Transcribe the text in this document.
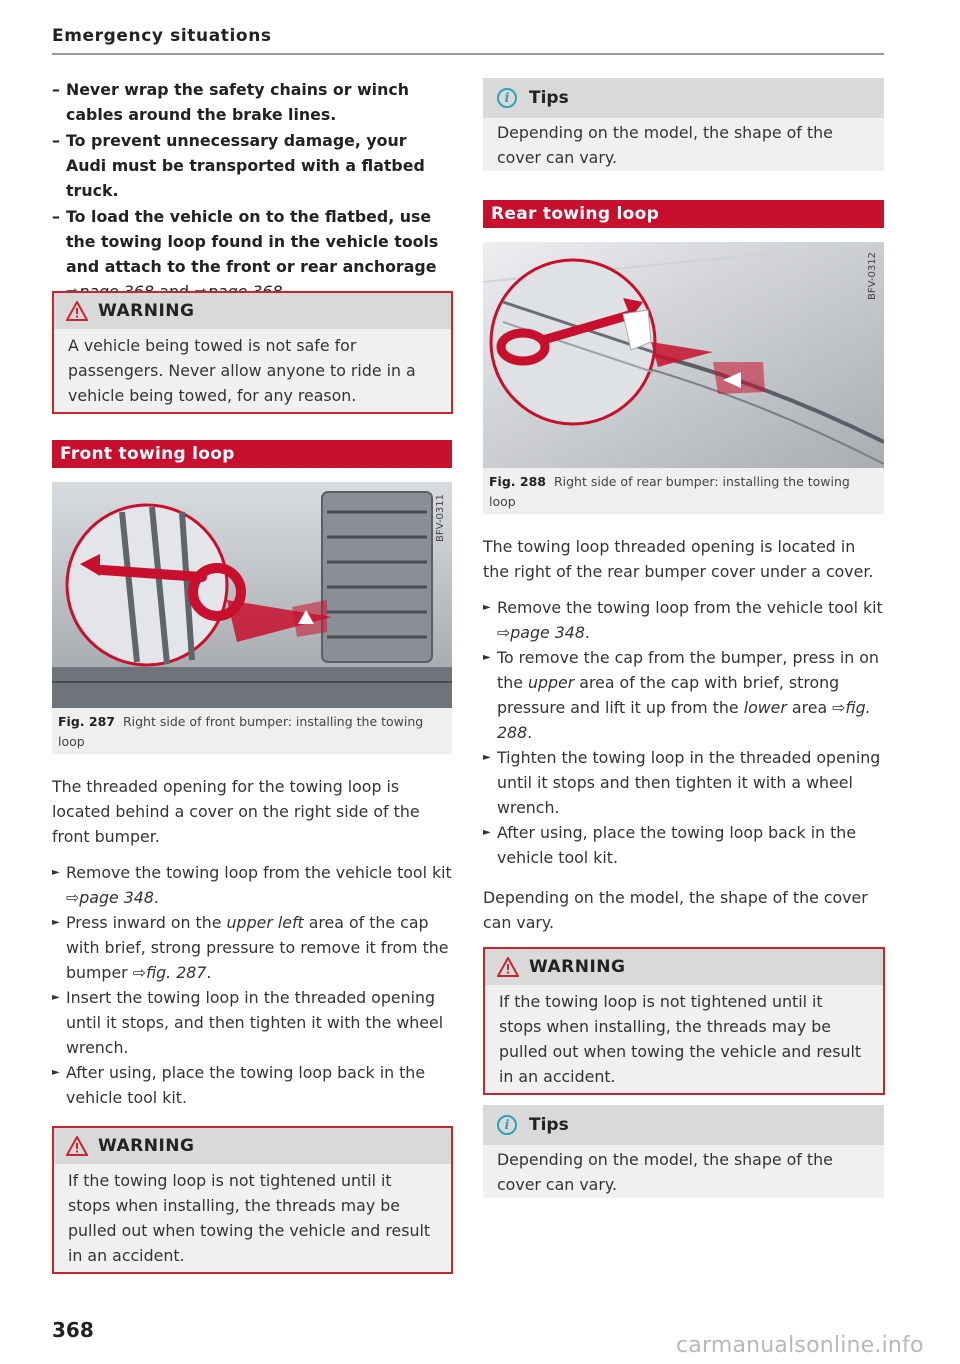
Emergency situations
– Never wrap the safety chains or winch cables around the brake lines.
– To prevent unnecessary damage, your Audi must be transported with a flatbed truck.
– To load the vehicle on to the flatbed, use the towing loop found in the vehicle tools and attach to the front or rear anchorage
WARNING
A vehicle being towed is not safe for passengers. Never allow anyone to ride in a vehicle being towed, for any reason.
Front towing loop
BFV-0311
Fig. 287 Right side of front bumper: installing the towing loop
The threaded opening for the towing loop is located behind a cover on the right side of the front bumper.
► Remove the towing loop from the vehicle tool kit ⇨page 348.
► Press inward on the upper left area of the cap with brief, strong pressure to remove it from the bumper ⇨fig. 287.
► Insert the towing loop in the threaded opening until it stops, and then tighten it with the wheel wrench.
► After using, place the towing loop back in the vehicle tool kit.
WARNING
If the towing loop is not tightened until it stops when installing, the threads may be pulled out when towing the vehicle and result in an accident.
i	Tips
Depending on the model, the shape of the cover can vary.
Rear towing loop
BFV-0312
Fig. 288 Right side of rear bumper: installing the towing loop
The towing loop threaded opening is located in the right of the rear bumper cover under a cover.
► Remove the towing loop from the vehicle tool kit ⇨page 348.
► To remove the cap from the bumper, press in on the upper area of the cap with brief, strong pressure and lift it up from the lower area ⇨fig. 288.
► Tighten the towing loop in the threaded opening until it stops and then tighten it with a wheel wrench.
► After using, place the towing loop back in the vehicle tool kit.
Depending on the model, the shape of the cover can vary.
WARNING
If the towing loop is not tightened until it stops when installing, the threads may be pulled out when towing the vehicle and result in an accident.
i	Tips
Depending on the model, the shape of the cover can vary.
368
carmanualsonline.info
